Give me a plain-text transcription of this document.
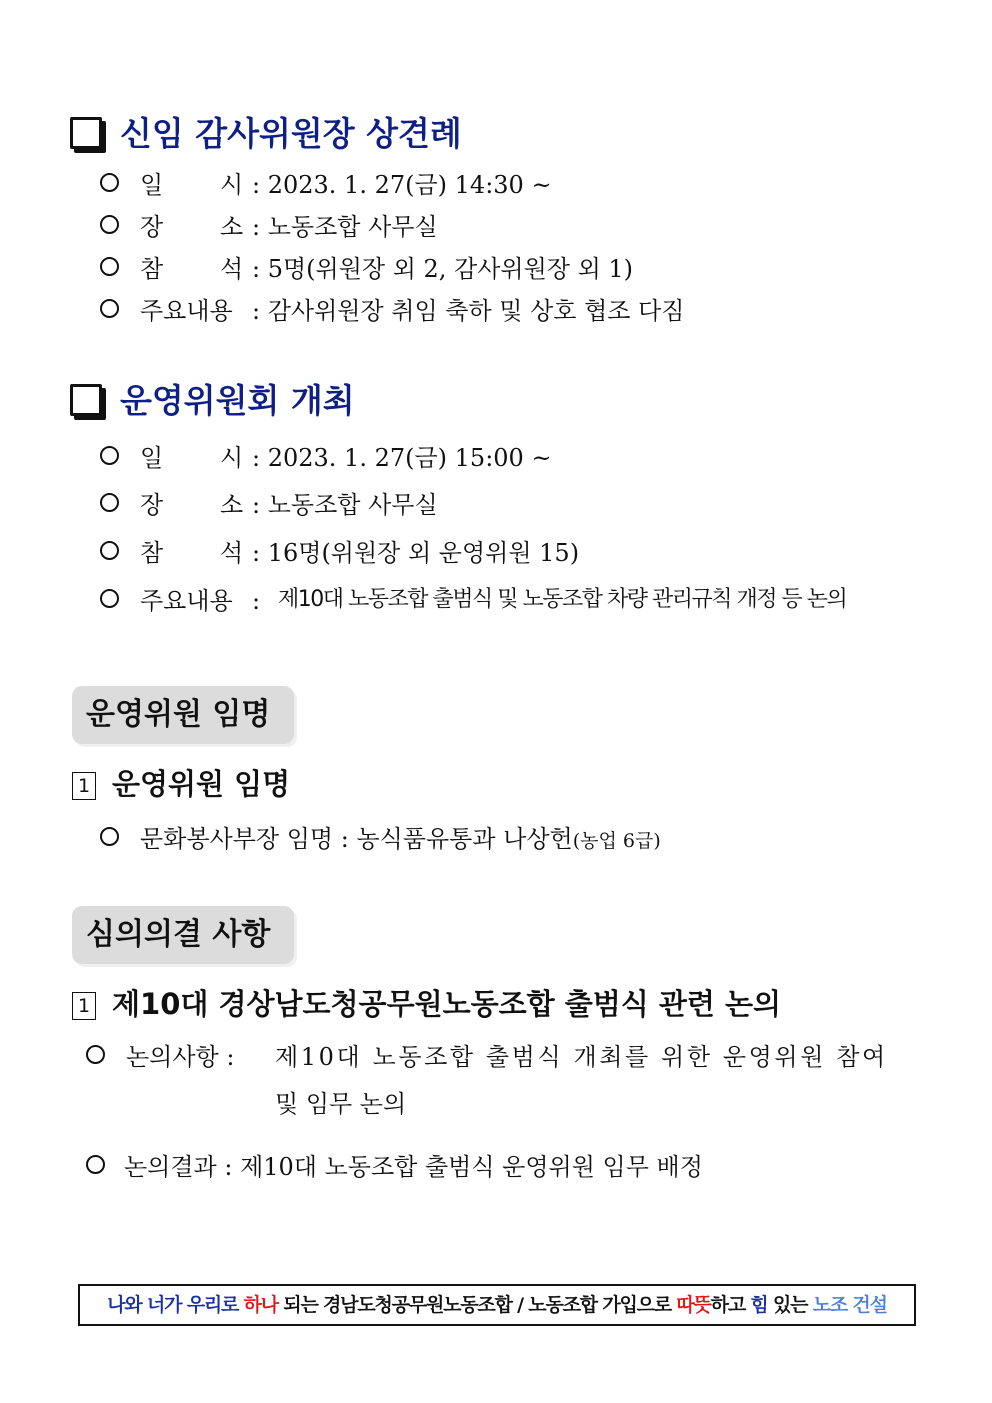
신임 감사위원장 상견례
일 시 : 2023. 1. 27(금) 14:30 ~
장 소 : 노동조합 사무실
참 석 : 5명(위원장 외 2, 감사위원장 외 1)
주요내용 : 감사위원장 취임 축하 및 상호 협조 다짐
운영위원회 개최
일 시 : 2023. 1. 27(금) 15:00 ~
장 소 : 노동조합 사무실
참 석 : 16명(위원장 외 운영위원 15)
주요내용 : 제10대 노동조합 출범식 및 노동조합 차량 관리규칙 개정 등 논의
운영위원 임명
1 운영위원 임명
문화봉사부장 임명 : 농식품유통과 나상헌(농업 6급)
심의의결 사항
1 제10대 경상남도청공무원노동조합 출범식 관련 논의
논의사항 : 제10대 노동조합 출범식 개최를 위한 운영위원 참여
및 임무 논의
논의결과 : 제10대 노동조합 출범식 운영위원 임무 배정
나와 너가 우리로 하나 되는 경남도청공무원노동조합 / 노동조합 가입으로 따뜻하고 힘 있는 노조 건설
